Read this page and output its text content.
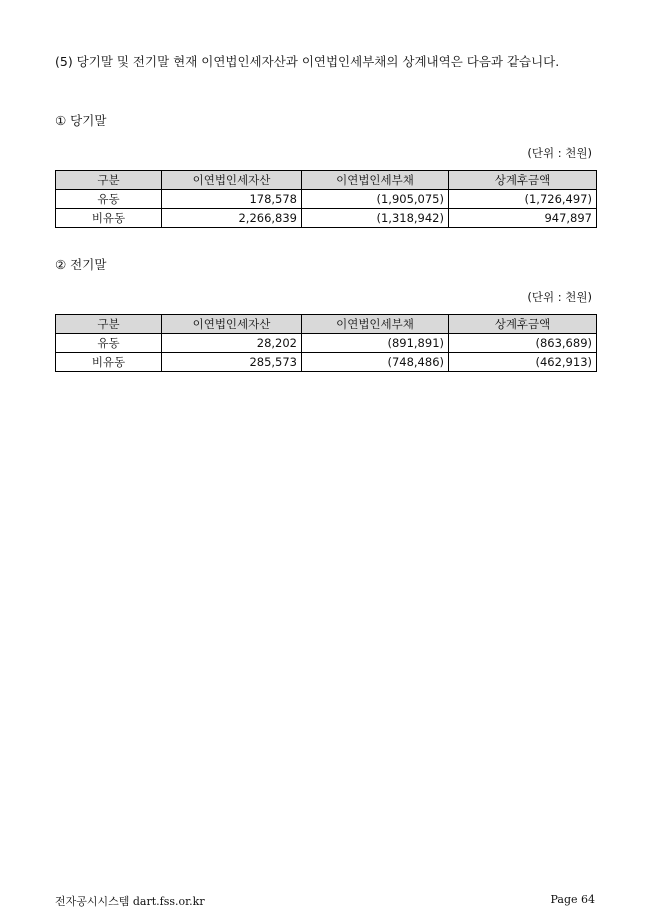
(5) 당기말 및 전기말 현재 이연법인세자산과 이연법인세부채의 상계내역은 다음과 같습니다.

① 당기말

(단위 : 천원)

구분	이연법인세자산	이연법인세부채	상계후금액
유동	178,578	(1,905,075)	(1,726,497)
비유동	2,266,839	(1,318,942)	947,897

② 전기말

(단위 : 천원)

구분	이연법인세자산	이연법인세부채	상계후금액
유동	28,202	(891,891)	(863,689)
비유동	285,573	(748,486)	(462,913)
전자공시시스템 dart.fss.or.kr	Page 64
